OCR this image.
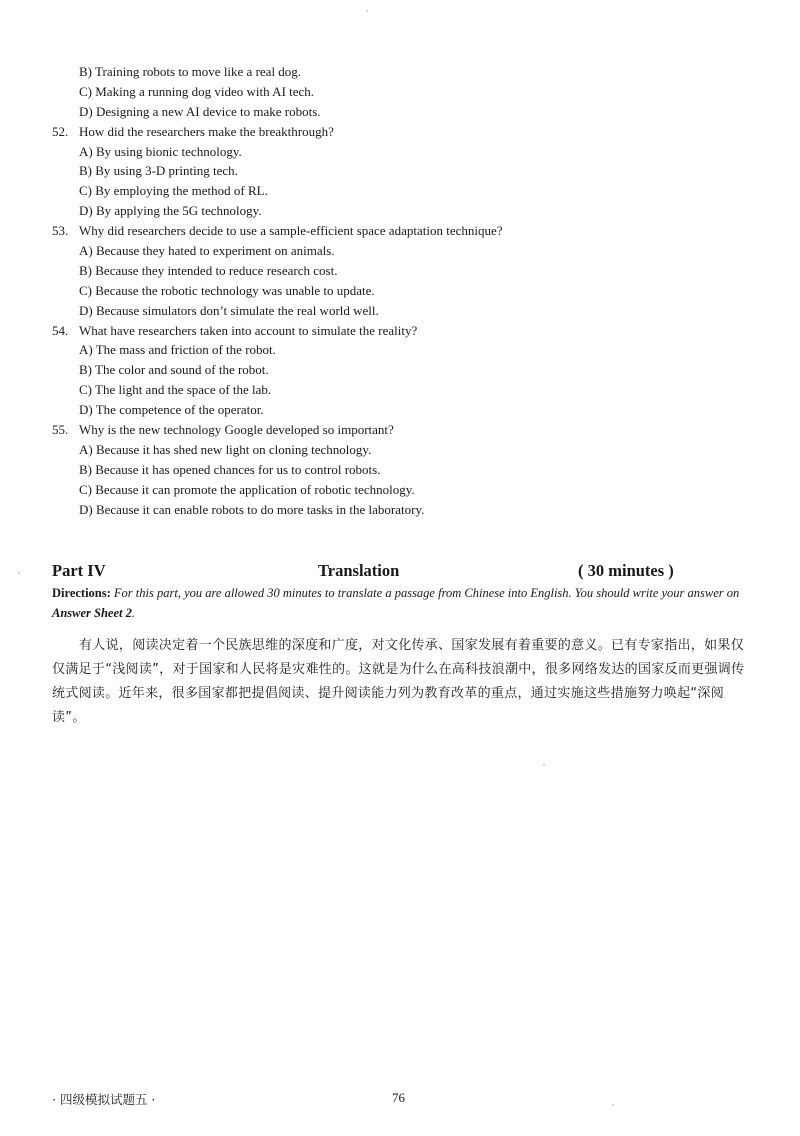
B) Training robots to move like a real dog.
C) Making a running dog video with AI tech.
D) Designing a new AI device to make robots.
52. How did the researchers make the breakthrough?
A) By using bionic technology.
B) By using 3-D printing tech.
C) By employing the method of RL.
D) By applying the 5G technology.
53. Why did researchers decide to use a sample-efficient space adaptation technique?
A) Because they hated to experiment on animals.
B) Because they intended to reduce research cost.
C) Because the robotic technology was unable to update.
D) Because simulators don’t simulate the real world well.
54. What have researchers taken into account to simulate the reality?
A) The mass and friction of the robot.
B) The color and sound of the robot.
C) The light and the space of the lab.
D) The competence of the operator.
55. Why is the new technology Google developed so important?
A) Because it has shed new light on cloning technology.
B) Because it has opened chances for us to control robots.
C) Because it can promote the application of robotic technology.
D) Because it can enable robots to do more tasks in the laboratory.
Part IV	Translation	( 30 minutes )
Directions: For this part, you are allowed 30 minutes to translate a passage from Chinese into English. You should write your answer on Answer Sheet 2.
有人说，阅读决定着一个民族思维的深度和广度，对文化传承、国家发展有着重要的意义。已有专家指出，如果仅仅满足于“浅阅读”，对于国家和人民将是灾难性的。这就是为什么在高科技浪潮中，很多网络发达的国家反而更强调传统式阅读。近年来，很多国家都把提倡阅读、提升阅读能力列为教育改革的重点，通过实施这些措施努力唤起“深阅读”。
· 四级模拟试题五 ·	76
